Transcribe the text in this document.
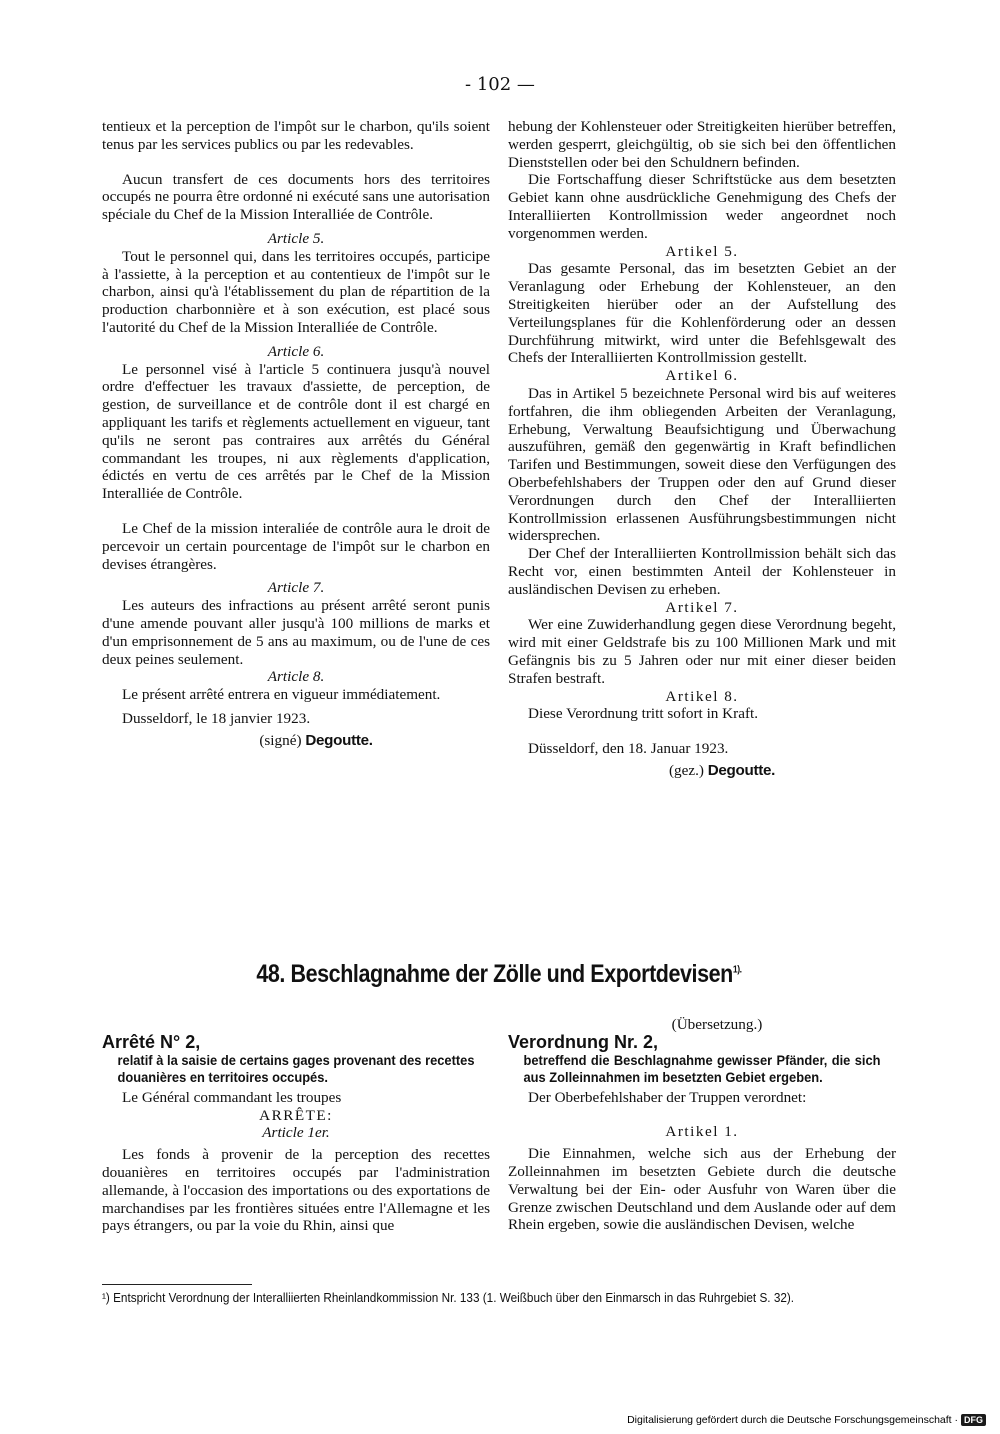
- 102 —

tentieux et la perception de l'impôt sur le charbon, qu'ils soient tenus par les services publics ou par les redevables.

Aucun transfert de ces documents hors des territoires occupés ne pourra être ordonné ni exécuté sans une autorisation spéciale du Chef de la Mission Interalliée de Contrôle.

Article 5.

Tout le personnel qui, dans les territoires occupés, participe à l'assiette, à la perception et au contentieux de l'impôt sur le charbon, ainsi qu'à l'établissement du plan de répartition de la production charbonnière et à son exécution, est placé sous l'autorité du Chef de la Mission Interalliée de Contrôle.

Article 6.

Le personnel visé à l'article 5 continuera jusqu'à nouvel ordre d'effectuer les travaux d'assiette, de perception, de gestion, de surveillance et de contrôle dont il est chargé en appliquant les tarifs et règlements actuellement en vigueur, tant qu'ils ne seront pas contraires aux arrêtés du Général commandant les troupes, ni aux règlements d'application, édictés en vertu de ces arrêtés par le Chef de la Mission Interalliée de Contrôle.

Le Chef de la mission interaliée de contrôle aura le droit de percevoir un certain pourcentage de l'impôt sur le charbon en devises étrangères.

Article 7.

Les auteurs des infractions au présent arrêté seront punis d'une amende pouvant aller jusqu'à 100 millions de marks et d'un emprisonnement de 5 ans au maximum, ou de l'une de ces deux peines seulement.

Article 8.

Le présent arrêté entrera en vigueur immédiatement.

Dusseldorf, le 18 janvier 1923.

(signé) Degoutte.

hebung der Kohlensteuer oder Streitigkeiten hierüber betreffen, werden gesperrt, gleichgültig, ob sie sich bei den öffentlichen Dienststellen oder bei den Schuldnern befinden.

Die Fortschaffung dieser Schriftstücke aus dem besetzten Gebiet kann ohne ausdrückliche Genehmigung des Chefs der Interalliierten Kontrollmission weder angeordnet noch vorgenommen werden.

Artikel 5.

Das gesamte Personal, das im besetzten Gebiet an der Veranlagung oder Erhebung der Kohlensteuer, an den Streitigkeiten hierüber oder an der Aufstellung des Verteilungsplanes für die Kohlenförderung oder an dessen Durchführung mitwirkt, wird unter die Befehlsgewalt des Chefs der Interalliierten Kontrollmission gestellt.

Artikel 6.

Das in Artikel 5 bezeichnete Personal wird bis auf weiteres fortfahren, die ihm obliegenden Arbeiten der Veranlagung, Erhebung, Verwaltung Beaufsichtigung und Überwachung auszuführen, gemäß den gegenwärtig in Kraft befindlichen Tarifen und Bestimmungen, soweit diese den Verfügungen des Oberbefehlshabers der Truppen oder den auf Grund dieser Verordnungen durch den Chef der Interalliierten Kontrollmission erlassenen Ausführungsbestimmungen nicht widersprechen.

Der Chef der Interalliierten Kontrollmission behält sich das Recht vor, einen bestimmten Anteil der Kohlensteuer in ausländischen Devisen zu erheben.

Artikel 7.

Wer eine Zuwiderhandlung gegen diese Verordnung begeht, wird mit einer Geldstrafe bis zu 100 Millionen Mark und mit Gefängnis bis zu 5 Jahren oder nur mit einer dieser beiden Strafen bestraft.

Artikel 8.

Diese Verordnung tritt sofort in Kraft.

Düsseldorf, den 18. Januar 1923.

(gez.) Degoutte.

48. Beschlagnahme der Zölle und Exportdevisen$^{1).}$

Arrêté N° 2,

relatif à la saisie de certains gages provenant des recettes douanières en territoires occupés.

Le Général commandant les troupes

ARRÊTE:

Article 1er.

Les fonds à provenir de la perception des recettes douanières en territoires occupés par l'administration allemande, à l'occasion des importations ou des exportations de marchandises par les frontières situées entre l'Allemagne et les pays étrangers, ou par la voie du Rhin, ainsi que

(Übersetzung.)

Verordnung Nr. 2,

betreffend die Beschlagnahme gewisser Pfänder, die sich aus Zolleinnahmen im besetzten Gebiet ergeben.

Der Oberbefehlshaber der Truppen verordnet:

Artikel 1.

Die Einnahmen, welche sich aus der Erhebung der Zolleinnahmen im besetzten Gebiete durch die deutsche Verwaltung bei der Ein- oder Ausfuhr von Waren über die Grenze zwischen Deutschland und dem Auslande oder auf dem Rhein ergeben, sowie die ausländischen Devisen, welche

¹) Entspricht Verordnung der Interalliierten Rheinlandkommission Nr. 133 (1. Weißbuch über den Einmarsch in das Ruhrgebiet S. 32).
Digitalisierung gefördert durch die Deutsche Forschungsgemeinschaft · DFG
